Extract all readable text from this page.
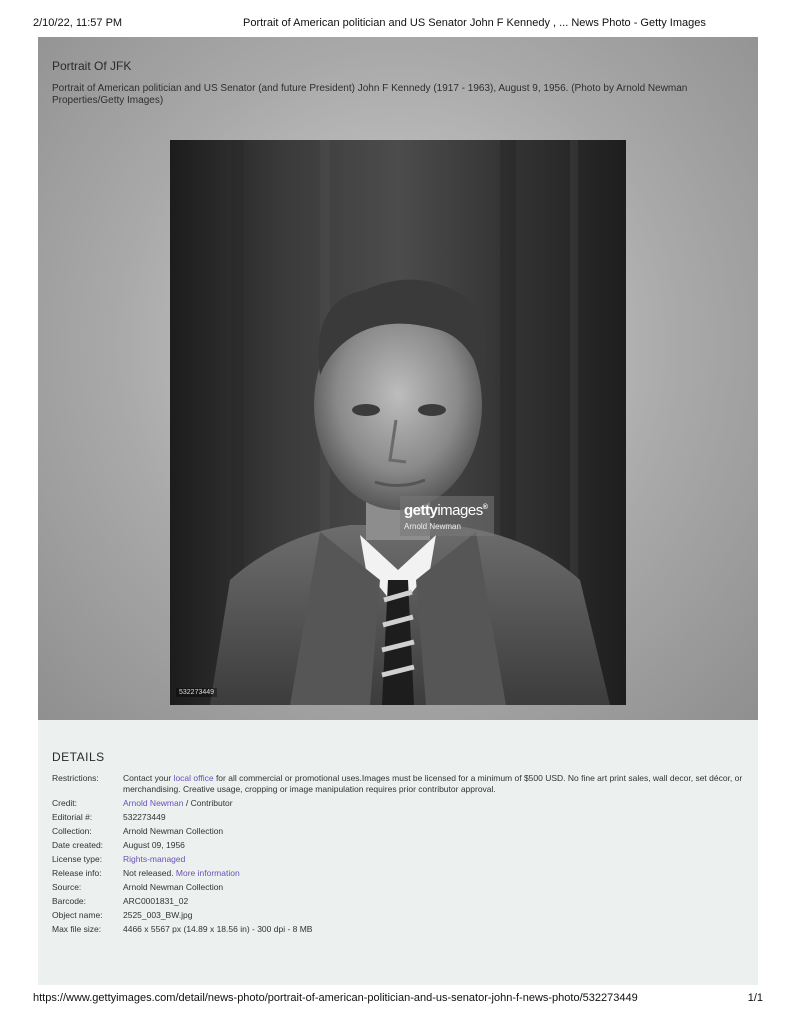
2/10/22, 11:57 PM	Portrait of American politician and US Senator John F Kennedy , ... News Photo - Getty Images
Portrait Of JFK
Portrait of American politician and US Senator (and future President) John F Kennedy (1917 - 1963), August 9, 1956. (Photo by Arnold Newman Properties/Getty Images)
532273449
gettyimages®
Arnold Newman
DETAILS
Restrictions:	Contact your local office for all commercial or promotional uses.Images must be licensed for a minimum of $500 USD. No fine art print sales, wall decor, set décor, or merchandising. Creative usage, cropping or image manipulation requires prior contributor approval.
Credit:	Arnold Newman / Contributor
Editorial #:	532273449
Collection:	Arnold Newman Collection
Date created:	August 09, 1956
License type:	Rights-managed
Release info:	Not released. More information
Source:	Arnold Newman Collection
Barcode:	ARC0001831_02
Object name:	2525_003_BW.jpg
Max file size:	4466 x 5567 px (14.89 x 18.56 in) - 300 dpi - 8 MB
https://www.gettyimages.com/detail/news-photo/portrait-of-american-politician-and-us-senator-john-f-news-photo/532273449	1/1
